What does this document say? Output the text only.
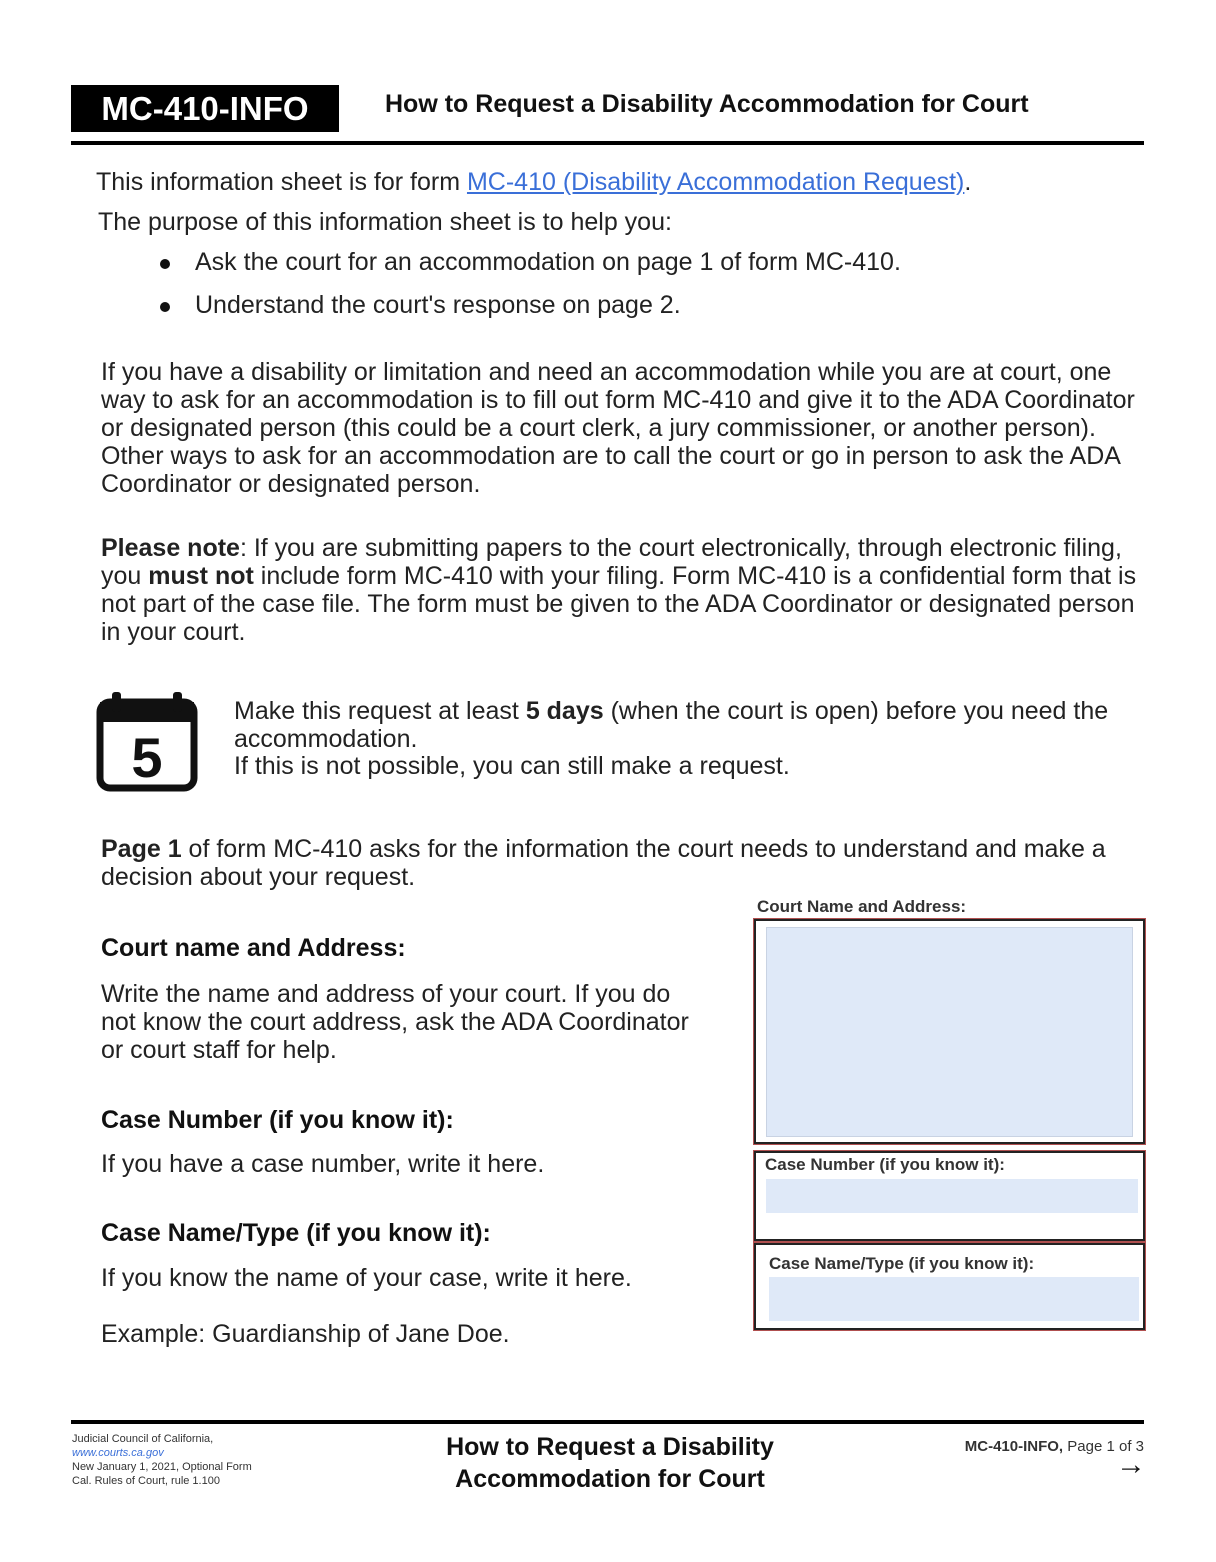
MC-410-INFO	How to Request a Disability Accommodation for Court
This information sheet is for form MC-410 (Disability Accommodation Request).
The purpose of this information sheet is to help you:
Ask the court for an accommodation on page 1 of form MC-410.
Understand the court's response on page 2.
If you have a disability or limitation and need an accommodation while you are at court, one way to ask for an accommodation is to fill out form MC-410 and give it to the ADA Coordinator or designated person (this could be a court clerk, a jury commissioner, or another person). Other ways to ask for an accommodation are to call the court or go in person to ask the ADA Coordinator or designated person.
Please note: If you are submitting papers to the court electronically, through electronic filing, you must not include form MC-410 with your filing. Form MC-410 is a confidential form that is not part of the case file. The form must be given to the ADA Coordinator or designated person in your court.
5
Make this request at least 5 days (when the court is open) before you need the accommodation.
If this is not possible, you can still make a request.
Page 1 of form MC-410 asks for the information the court needs to understand and make a decision about your request.
Court name and Address:
Write the name and address of your court. If you do not know the court address, ask the ADA Coordinator or court staff for help.
Case Number (if you know it):
If you have a case number, write it here.
Case Name/Type (if you know it):
If you know the name of your case, write it here.
Example: Guardianship of Jane Doe.
Court Name and Address:
Case Number (if you know it):
Case Name/Type (if you know it):
Judicial Council of California,
www.courts.ca.gov
New January 1, 2021, Optional Form
Cal. Rules of Court, rule 1.100
How to Request a Disability
Accommodation for Court
MC-410-INFO, Page 1 of 3
→
